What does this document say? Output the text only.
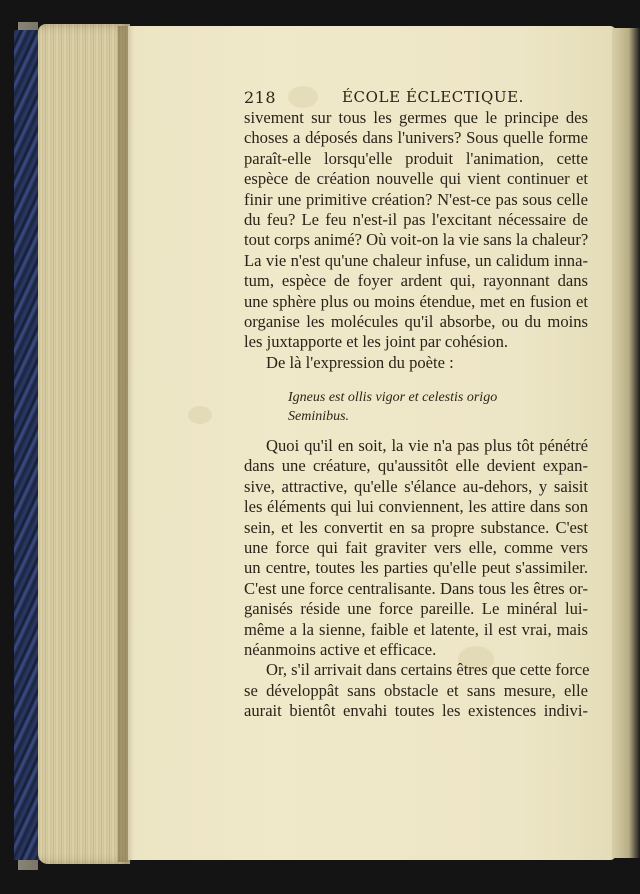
218	ÉCOLE ÉCLECTIQUE.
sivement sur tous les germes que le principe des
choses a déposés dans l'univers? Sous quelle forme
paraît-elle lorsqu'elle produit l'animation, cette
espèce de création nouvelle qui vient continuer et
finir une primitive création? N'est-ce pas sous celle
du feu? Le feu n'est-il pas l'excitant nécessaire de
tout corps animé? Où voit-on la vie sans la chaleur?
La vie n'est qu'une chaleur infuse, un calidum inna-
tum, espèce de foyer ardent qui, rayonnant dans
une sphère plus ou moins étendue, met en fusion et
organise les molécules qu'il absorbe, ou du moins
les juxtapporte et les joint par cohésion.
De là l'expression du poète :
Igneus est ollis vigor et celestis origo
Seminibus.
Quoi qu'il en soit, la vie n'a pas plus tôt pénétré
dans une créature, qu'aussitôt elle devient expan-
sive, attractive, qu'elle s'élance au-dehors, y saisit
les éléments qui lui conviennent, les attire dans son
sein, et les convertit en sa propre substance. C'est
une force qui fait graviter vers elle, comme vers
un centre, toutes les parties qu'elle peut s'assimiler.
C'est une force centralisante. Dans tous les êtres or-
ganisés réside une force pareille. Le minéral lui-
même a la sienne, faible et latente, il est vrai, mais
néanmoins active et efficace.
Or, s'il arrivait dans certains êtres que cette force
se développât sans obstacle et sans mesure, elle
aurait bientôt envahi toutes les existences indivi-
